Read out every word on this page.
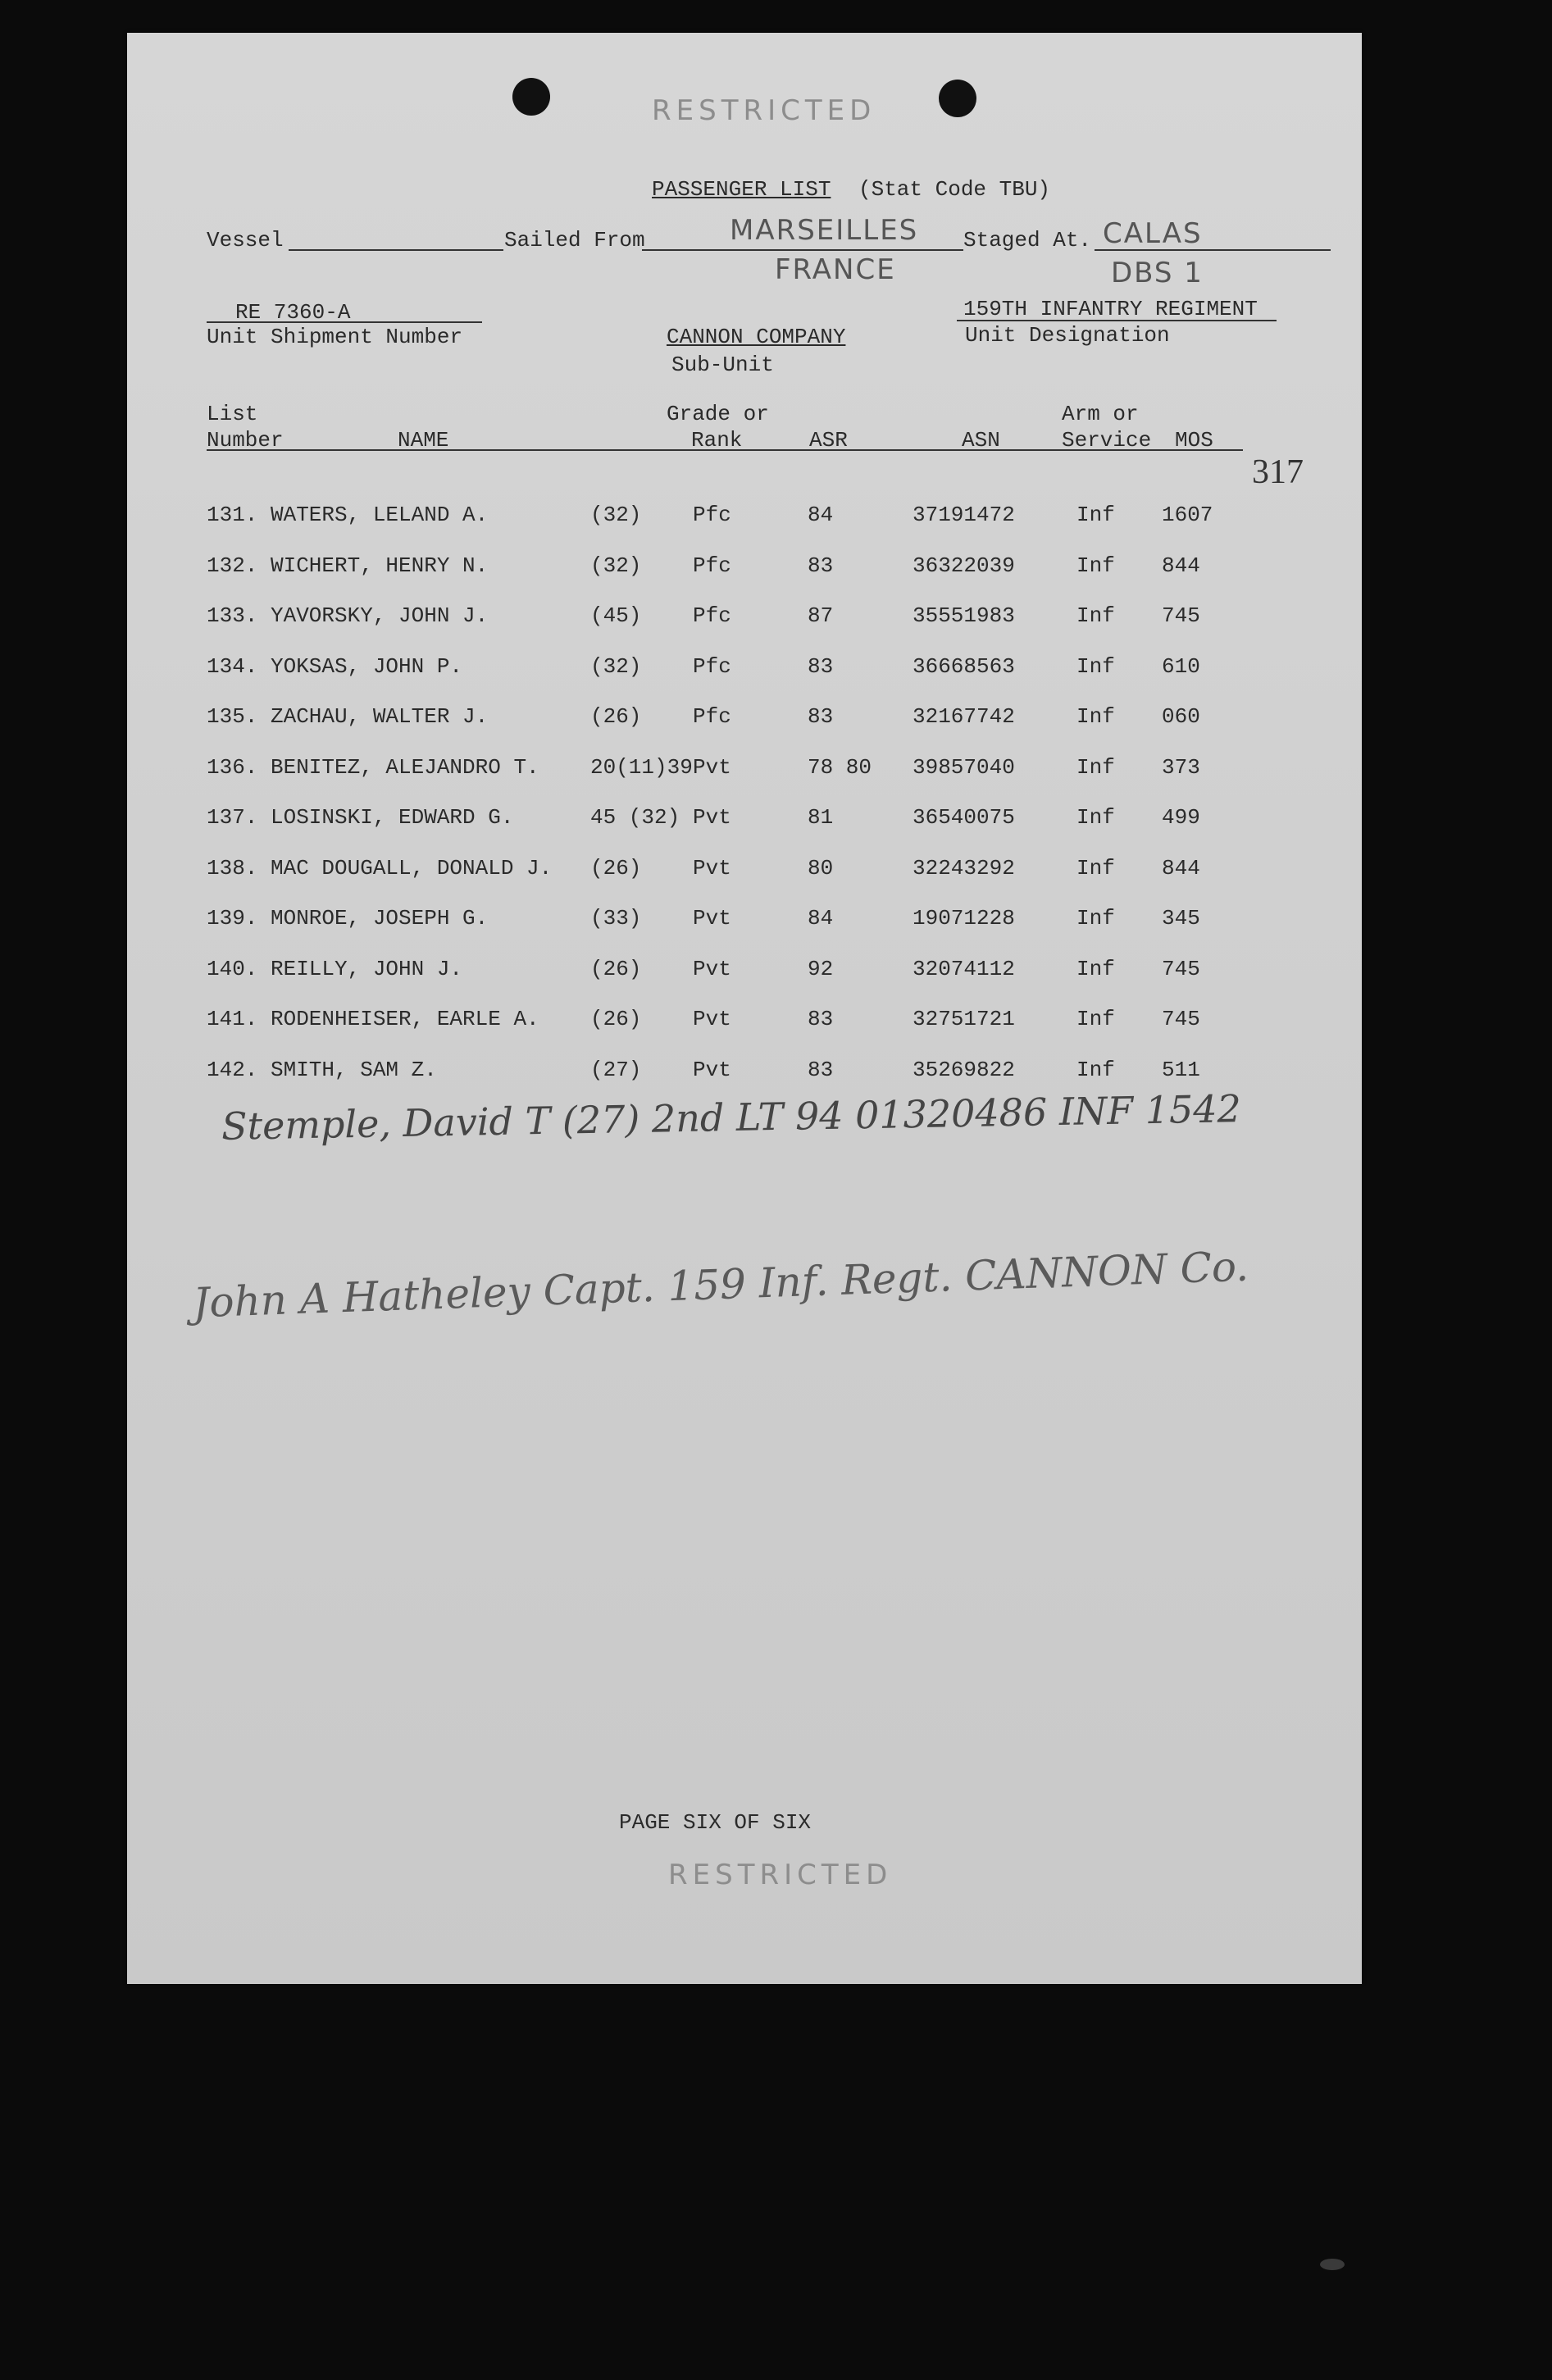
RESTRICTED
PASSENGER LIST (Stat Code TBU)
Vessel	Sailed From	MARSEILLES
FRANCE
Staged At. CALAS
DBS 1
RE 7360-A
Unit Shipment Number	CANNON COMPANY
Sub-Unit
159TH INFANTRY REGIMENT
Unit Designation
List
Number	NAME
Grade or
Rank	ASR	ASN
Arm or
Service MOS
317
131. WATERS, LELAND A.	(32) Pfc	84	37191472	Inf 1607
132. WICHERT, HENRY N.	(32) Pfc	83	36322039	Inf 844
133. YAVORSKY, JOHN J.	(45) Pfc	87	35551983	Inf 745
134. YOKSAS, JOHN P.	(32) Pfc	83	36668563	Inf 610
135. ZACHAU, WALTER J.	(26) Pfc	83	32167742	Inf 060
136. BENITEZ, ALEJANDRO T. 20(11)39 Pvt	78 80 39857040	Inf 373
137. LOSINSKI, EDWARD G.	45 (32) Pvt	81	36540075	Inf 499
138. MAC DOUGALL, DONALD J. (26) Pvt	80	32243292	Inf 844
139. MONROE, JOSEPH G.	(33) Pvt	84	19071228	Inf 345
140. REILLY, JOHN J.	(26) Pvt	92	32074112	Inf 745
141. RODENHEISER, EARLE A. (26) Pvt	83	32751721	Inf 745
142. SMITH, SAM Z.	(27) Pvt	83	35269822	Inf 511
Stemple, David T (27) 2nd LT 94 01320486 INF 1542
John A Hatheley Capt. 159 Inf. Regt. CANNON Co.
PAGE SIX OF SIX
RESTRICTED
